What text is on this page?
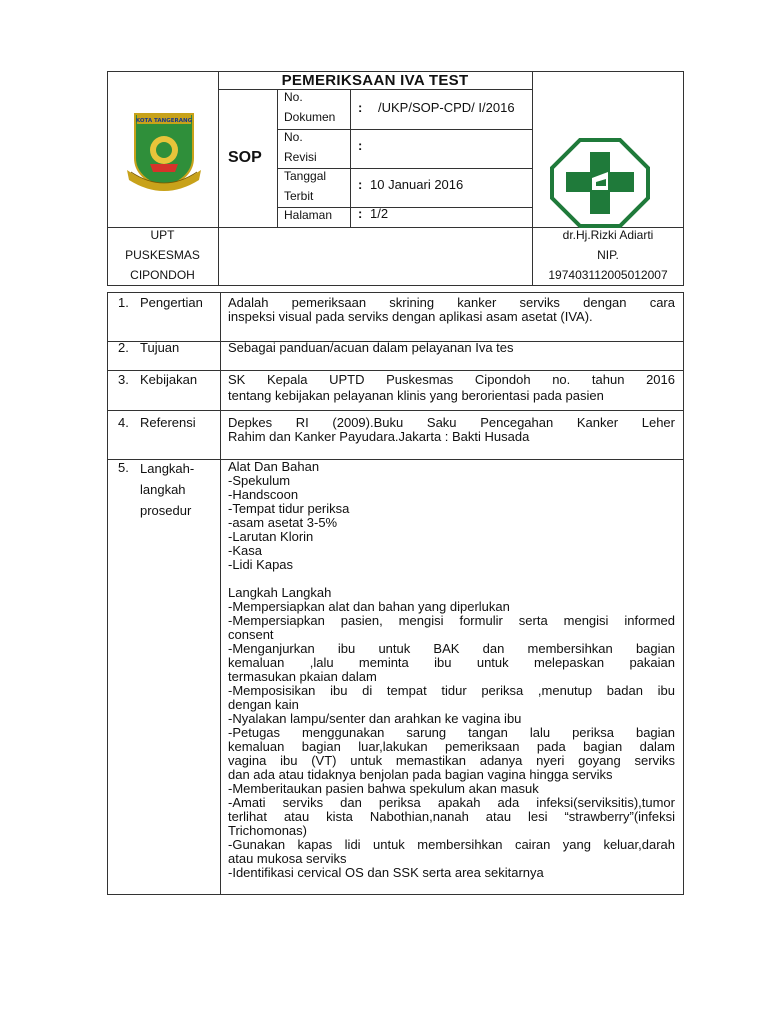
PEMERIKSAAN IVA TEST
SOP
No.
Dokumen
: /UKP/SOP-CPD/ I/2016
No.
Revisi
:
Tanggal
Terbit
: 10 Januari 2016
Halaman : 1/2
KOTA TANGERANG
UPT
PUSKESMAS
CIPONDOH
dr.Hj.Rizki Adiarti
NIP.
197403112005012007
1. Pengertian Adalah pemeriksaan skrining kanker serviks dengan cara
inspeksi visual pada serviks dengan aplikasi asam asetat (IVA).
2. Tujuan	Sebagai panduan/acuan dalam pelayanan Iva tes
3. Kebijakan SK Kepala UPTD Puskesmas Cipondoh no. tahun 2016
tentang kebijakan pelayanan klinis yang berorientasi pada pasien
4. Referensi Depkes RI (2009).Buku Saku Pencegahan Kanker Leher
Rahim dan Kanker Payudara.Jakarta : Bakti Husada
5. Langkah-
langkah
prosedur
Alat Dan Bahan
-Spekulum
-Handscoon
-Tempat tidur periksa
-asam asetat 3-5%
-Larutan Klorin
-Kasa
-Lidi Kapas
Langkah Langkah
-Mempersiapkan alat dan bahan yang diperlukan
-Mempersiapkan pasien, mengisi formulir serta mengisi informed
consent
-Menganjurkan ibu untuk BAK dan membersihkan bagian
kemaluan ,lalu meminta ibu untuk melepaskan pakaian
termasukan pkaian dalam
-Memposisikan ibu di tempat tidur periksa ,menutup badan ibu
dengan kain
-Nyalakan lampu/senter dan arahkan ke vagina ibu
-Petugas menggunakan sarung tangan lalu periksa bagian
kemaluan bagian luar,lakukan pemeriksaan pada bagian dalam
vagina ibu (VT) untuk memastikan adanya nyeri goyang serviks
dan ada atau tidaknya benjolan pada bagian vagina hingga serviks
-Memberitaukan pasien bahwa spekulum akan masuk
-Amati serviks dan periksa apakah ada infeksi(serviksitis),tumor
terlihat atau kista Nabothian,nanah atau lesi “strawberry”(infeksi
Trichomonas)
-Gunakan kapas lidi untuk membersihkan cairan yang keluar,darah
atau mukosa serviks
-Identifikasi cervical OS dan SSK serta area sekitarnya
